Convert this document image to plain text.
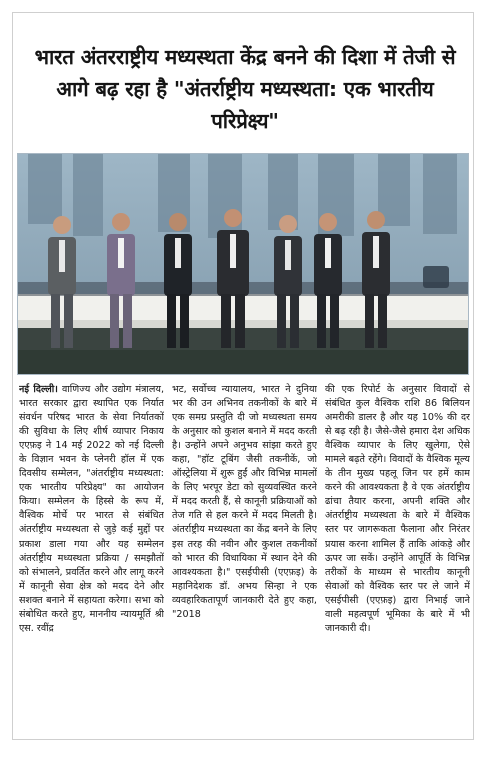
भारत अंतरराष्ट्रीय मध्यस्थता केंद्र बनने की दिशा में तेजी से आगे बढ़ रहा है "अंतर्राष्ट्रीय मध्यस्थता: एक भारतीय परिप्रेक्ष्य"
नई दिल्ली। वाणिज्य और उद्योग मंत्रालय, भारत सरकार द्वारा स्थापित एक निर्यात संवर्धन परिषद भारत के सेवा निर्यातकों की सुविधा के लिए शीर्ष व्यापार निकाय एएफ़इ ने 14 मई 2022 को नई दिल्ली के विज्ञान भवन के प्लेनरी हॉल में एक दिवसीय सम्मेलन, "अंतर्राष्ट्रीय मध्यस्थता: एक भारतीय परिप्रेक्ष्य" का आयोजन किया। सम्मेलन के हिस्से के रूप में, वैश्विक मोर्चे पर भारत से संबंधित अंतर्राष्ट्रीय मध्यस्थता से जुड़े कई मुद्दों पर प्रकाश डाला गया और यह सम्मेलन अंतर्राष्ट्रीय मध्यस्थता प्रक्रिया / समझौतों को संभालने, प्रवर्तित करने और लागू करने में कानूनी सेवा क्षेत्र को मदद देने और सशक्त बनाने में सहायता करेगा। सभा को संबोधित करते हुए, माननीय न्यायमूर्ति श्री एस. रवींद्र
भट, सर्वोच्च न्यायालय, भारत ने दुनिया भर की उन अभिनव तकनीकों के बारे में एक समग्र प्रस्तुति दी जो मध्यस्थता समय के अनुसार को कुशल बनाने में मदद करती है। उन्होंने अपने अनुभव सांझा करते हुए कहा, "हॉट टूबिंग जैसी तकनीकें, जो ऑस्ट्रेलिया में शुरू हुईं और विभिन्न मामलों के लिए भरपूर डेटा को सुव्यवस्थित करने में मदद करती हैं, से कानूनी प्रक्रियाओं को तेज गति से हल करने में मदद मिलती है। अंतर्राष्ट्रीय मध्यस्थता का केंद्र बनने के लिए इस तरह की नवीन और कुशल तकनीकों को भारत की विधायिका में स्थान देने की आवश्यकता है।" एसईपीसी (एएफ़इ) के महानिदेशक डॉ. अभय सिन्हा ने एक व्यवहारिकतापूर्ण जानकारी देते हुए कहा, "2018
की एक रिपोर्ट के अनुसार विवादों से संबंधित कुल वैश्विक राशि 86 बिलियन अमरीकी डालर है और यह 10% की दर से बढ़ रही है। जैसे-जैसे हमारा देश अधिक वैश्विक व्यापार के लिए खुलेगा, ऐसे मामले बढ़ते रहेंगे। विवादों के वैश्विक मूल्य के तीन मुख्य पहलू जिन पर हमें काम करने की आवश्यकता है वे एक अंतर्राष्ट्रीय ढांचा तैयार करना, अपनी शक्ति और अंतर्राष्ट्रीय मध्यस्थता के बारे में वैश्विक स्तर पर जागरूकता फैलाना और निरंतर प्रयास करना शामिल हैं ताकि आंकड़े और ऊपर जा सकें। उन्होंने आपूर्ति के विभिन्न तरीकों के माध्यम से भारतीय कानूनी सेवाओं को वैश्विक स्तर पर ले जाने में एसईपीसी (एएफ़इ) द्वारा निभाई जाने वाली महत्वपूर्ण भूमिका के बारे में भी जानकारी दी।
